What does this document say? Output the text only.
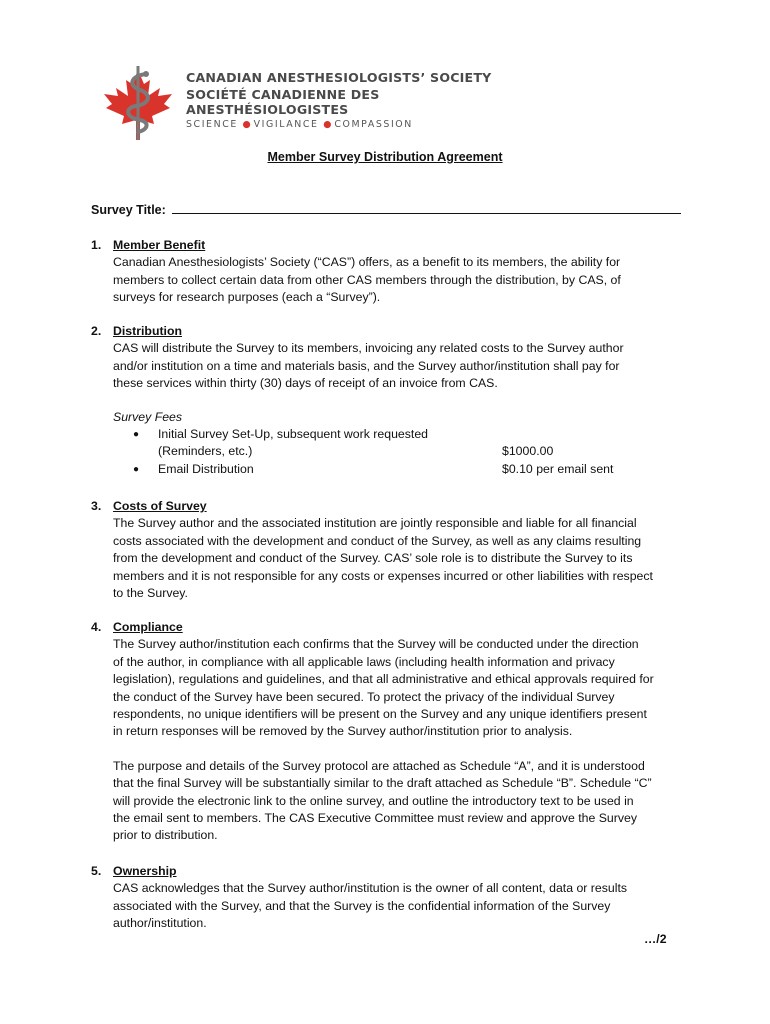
CANADIAN ANESTHESIOLOGISTS’ SOCIETY
SOCIÉTÉ CANADIENNE DES ANESTHÉSIOLOGISTES
SCIENCE ● VIGILANCE ● COMPASSION
Member Survey Distribution Agreement
Survey Title:
1. Member Benefit
Canadian Anesthesiologists’ Society (“CAS”) offers, as a benefit to its members, the ability for
members to collect certain data from other CAS members through the distribution, by CAS, of
surveys for research purposes (each a “Survey”).
2. Distribution
CAS will distribute the Survey to its members, invoicing any related costs to the Survey author
and/or institution on a time and materials basis, and the Survey author/institution shall pay for
these services within thirty (30) days of receipt of an invoice from CAS.
Survey Fees
● Initial Survey Set-Up, subsequent work requested
(Reminders, etc.)	$1000.00
● Email Distribution	$0.10 per email sent
3. Costs of Survey
The Survey author and the associated institution are jointly responsible and liable for all financial
costs associated with the development and conduct of the Survey, as well as any claims resulting
from the development and conduct of the Survey. CAS’ sole role is to distribute the Survey to its
members and it is not responsible for any costs or expenses incurred or other liabilities with respect
to the Survey.
4. Compliance
The Survey author/institution each confirms that the Survey will be conducted under the direction
of the author, in compliance with all applicable laws (including health information and privacy
legislation), regulations and guidelines, and that all administrative and ethical approvals required for
the conduct of the Survey have been secured. To protect the privacy of the individual Survey
respondents, no unique identifiers will be present on the Survey and any unique identifiers present
in return responses will be removed by the Survey author/institution prior to analysis.
The purpose and details of the Survey protocol are attached as Schedule “A”, and it is understood
that the final Survey will be substantially similar to the draft attached as Schedule “B”. Schedule “C”
will provide the electronic link to the online survey, and outline the introductory text to be used in
the email sent to members. The CAS Executive Committee must review and approve the Survey
prior to distribution.
5. Ownership
CAS acknowledges that the Survey author/institution is the owner of all content, data or results
associated with the Survey, and that the Survey is the confidential information of the Survey
author/institution.
…/2
